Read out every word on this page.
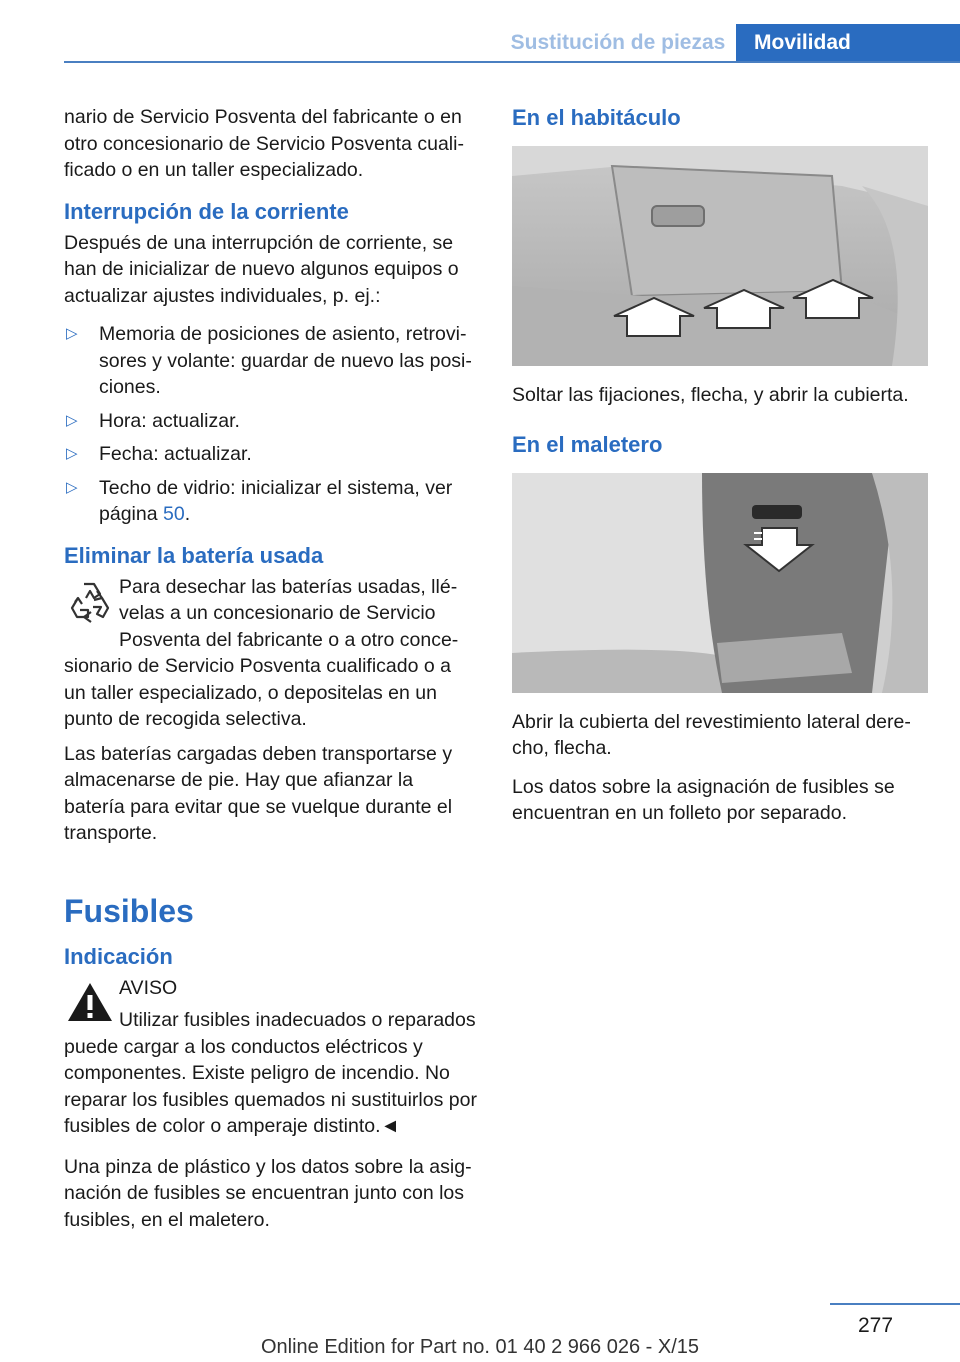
Sustitución de piezas	Movilidad

nario de Servicio Posventa del fabricante o en otro concesionario de Servicio Posventa cualificado o en un taller especializado.

Interrupción de la corriente

Después de una interrupción de corriente, se han de inicializar de nuevo algunos equipos o actualizar ajustes individuales, p. ej.:

▷ Memoria de posiciones de asiento, retrovisores y volante: guardar de nuevo las posiciones.
▷ Hora: actualizar.
▷ Fecha: actualizar.
▷ Techo de vidrio: inicializar el sistema, ver página 50.
Eliminar la batería usada
Para desechar las baterías usadas, llévelas a un concesionario de Servicio Posventa del fabricante o a otro concesionario de Servicio Posventa cualificado o a un taller especializado, o depositelas en un punto de recogida selectiva.

Las baterías cargadas deben transportarse y almacenarse de pie. Hay que afianzar la batería para evitar que se vuelque durante el transporte.

Fusibles
Indicación
AVISO
Utilizar fusibles inadecuados o reparados puede cargar a los conductos eléctricos y componentes. Existe peligro de incendio. No reparar los fusibles quemados ni sustituirlos por fusibles de color o amperaje distinto.◄

Una pinza de plástico y los datos sobre la asignación de fusibles se encuentran junto con los fusibles, en el maletero.

En el habitáculo

Soltar las fijaciones, flecha, y abrir la cubierta.

En el maletero

Abrir la cubierta del revestimiento lateral derecho, flecha.

Los datos sobre la asignación de fusibles se encuentran en un folleto por separado.

277
Online Edition for Part no. 01 40 2 966 026 - X/15
